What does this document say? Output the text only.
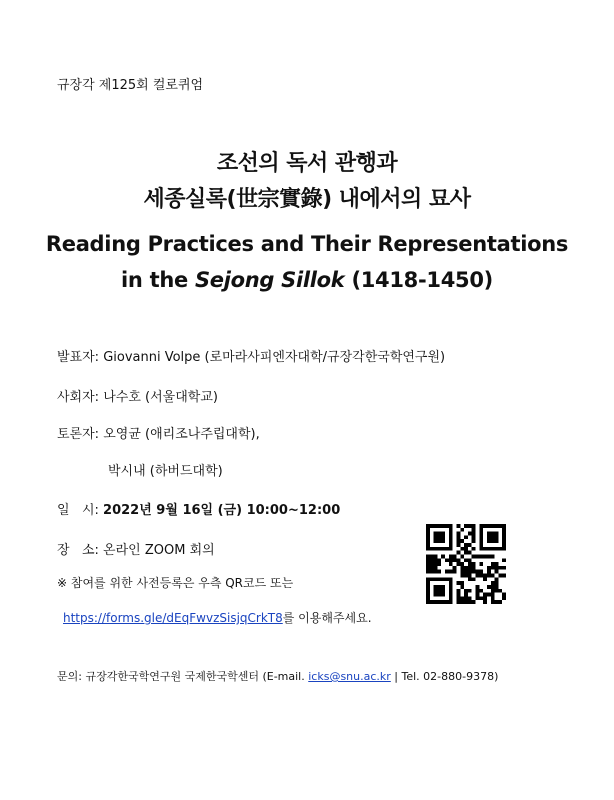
규장각 제125회 컬로퀴엄
조선의 독서 관행과
세종실록(世宗實錄) 내에서의 묘사
Reading Practices and Their Representations
in the Sejong Sillok (1418-1450)
발표자: Giovanni Volpe (로마라사피엔자대학/규장각한국학연구원)
사회자: 나수호 (서울대학교)
토론자: 오영균 (애리조나주립대학),
박시내 (하버드대학)
일   시: 2022년 9월 16일 (금) 10:00~12:00
장   소: 온라인 ZOOM 회의
※ 참여를 위한 사전등록은 우측 QR코드 또는
https://forms.gle/dEqFwvzSisjqCrkT8를 이용해주세요.
문의: 규장각한국학연구원 국제한국학센터 (E-mail. icks@snu.ac.kr | Tel. 02-880-9378)
